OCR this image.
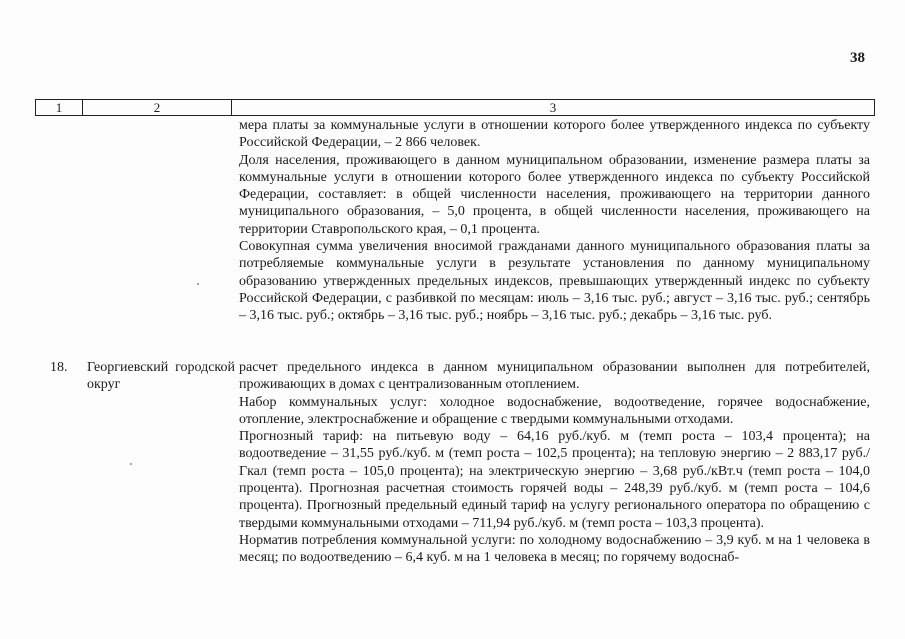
38
1	2	3

мера платы за коммунальные услуги в отношении которого более утвержденного индекса по субъекту Российской Федерации, – 2 866 человек.

Доля населения, проживающего в данном муниципальном образовании, изменение размера платы за коммунальные услуги в отношении которого более утвержденного индекса по субъекту Российской Федерации, составляет: в общей численности населения, проживающего на территории данного муниципального образования, – 5,0 процента, в общей численности населения, проживающего на территории Ставропольского края, – 0,1 процента.

Совокупная сумма увеличения вносимой гражданами данного муниципального образования платы за потребляемые коммунальные услуги в результате установления по данному муниципальному образованию утвержденных предельных индексов, превышающих утвержденный индекс по субъекту Российской Федерации, с разбивкой по месяцам: июль – 3,16 тыс. руб.; август – 3,16 тыс. руб.; сентябрь – 3,16 тыс. руб.; октябрь – 3,16 тыс. руб.; ноябрь – 3,16 тыс. руб.; декабрь – 3,16 тыс. руб.

18. Георгиевский городской округ

расчет предельного индекса в данном муниципальном образовании выполнен для потребителей, проживающих в домах с централизованным отоплением.

Набор коммунальных услуг: холодное водоснабжение, водоотведение, горячее водоснабжение, отопление, электроснабжение и обращение с твердыми коммунальными отходами.

Прогнозный тариф: на питьевую воду – 64,16 руб./куб. м (темп роста – 103,4 процента); на водоотведение – 31,55 руб./куб. м (темп роста – 102,5 процента); на тепловую энергию – 2 883,17 руб./Гкал (темп роста – 105,0 процента); на электрическую энергию – 3,68 руб./кВт.ч (темп роста – 104,0 процента). Прогнозная расчетная стоимость горячей воды – 248,39 руб./куб. м (темп роста – 104,6 процента). Прогнозный предельный единый тариф на услугу регионального оператора по обращению с твердыми коммунальными отходами – 711,94 руб./куб. м (темп роста – 103,3 процента).

Норматив потребления коммунальной услуги: по холодному водоснабжению – 3,9 куб. м на 1 человека в месяц; по водоотведению – 6,4 куб. м на 1 человека в месяц; по горячему водоснаб-
